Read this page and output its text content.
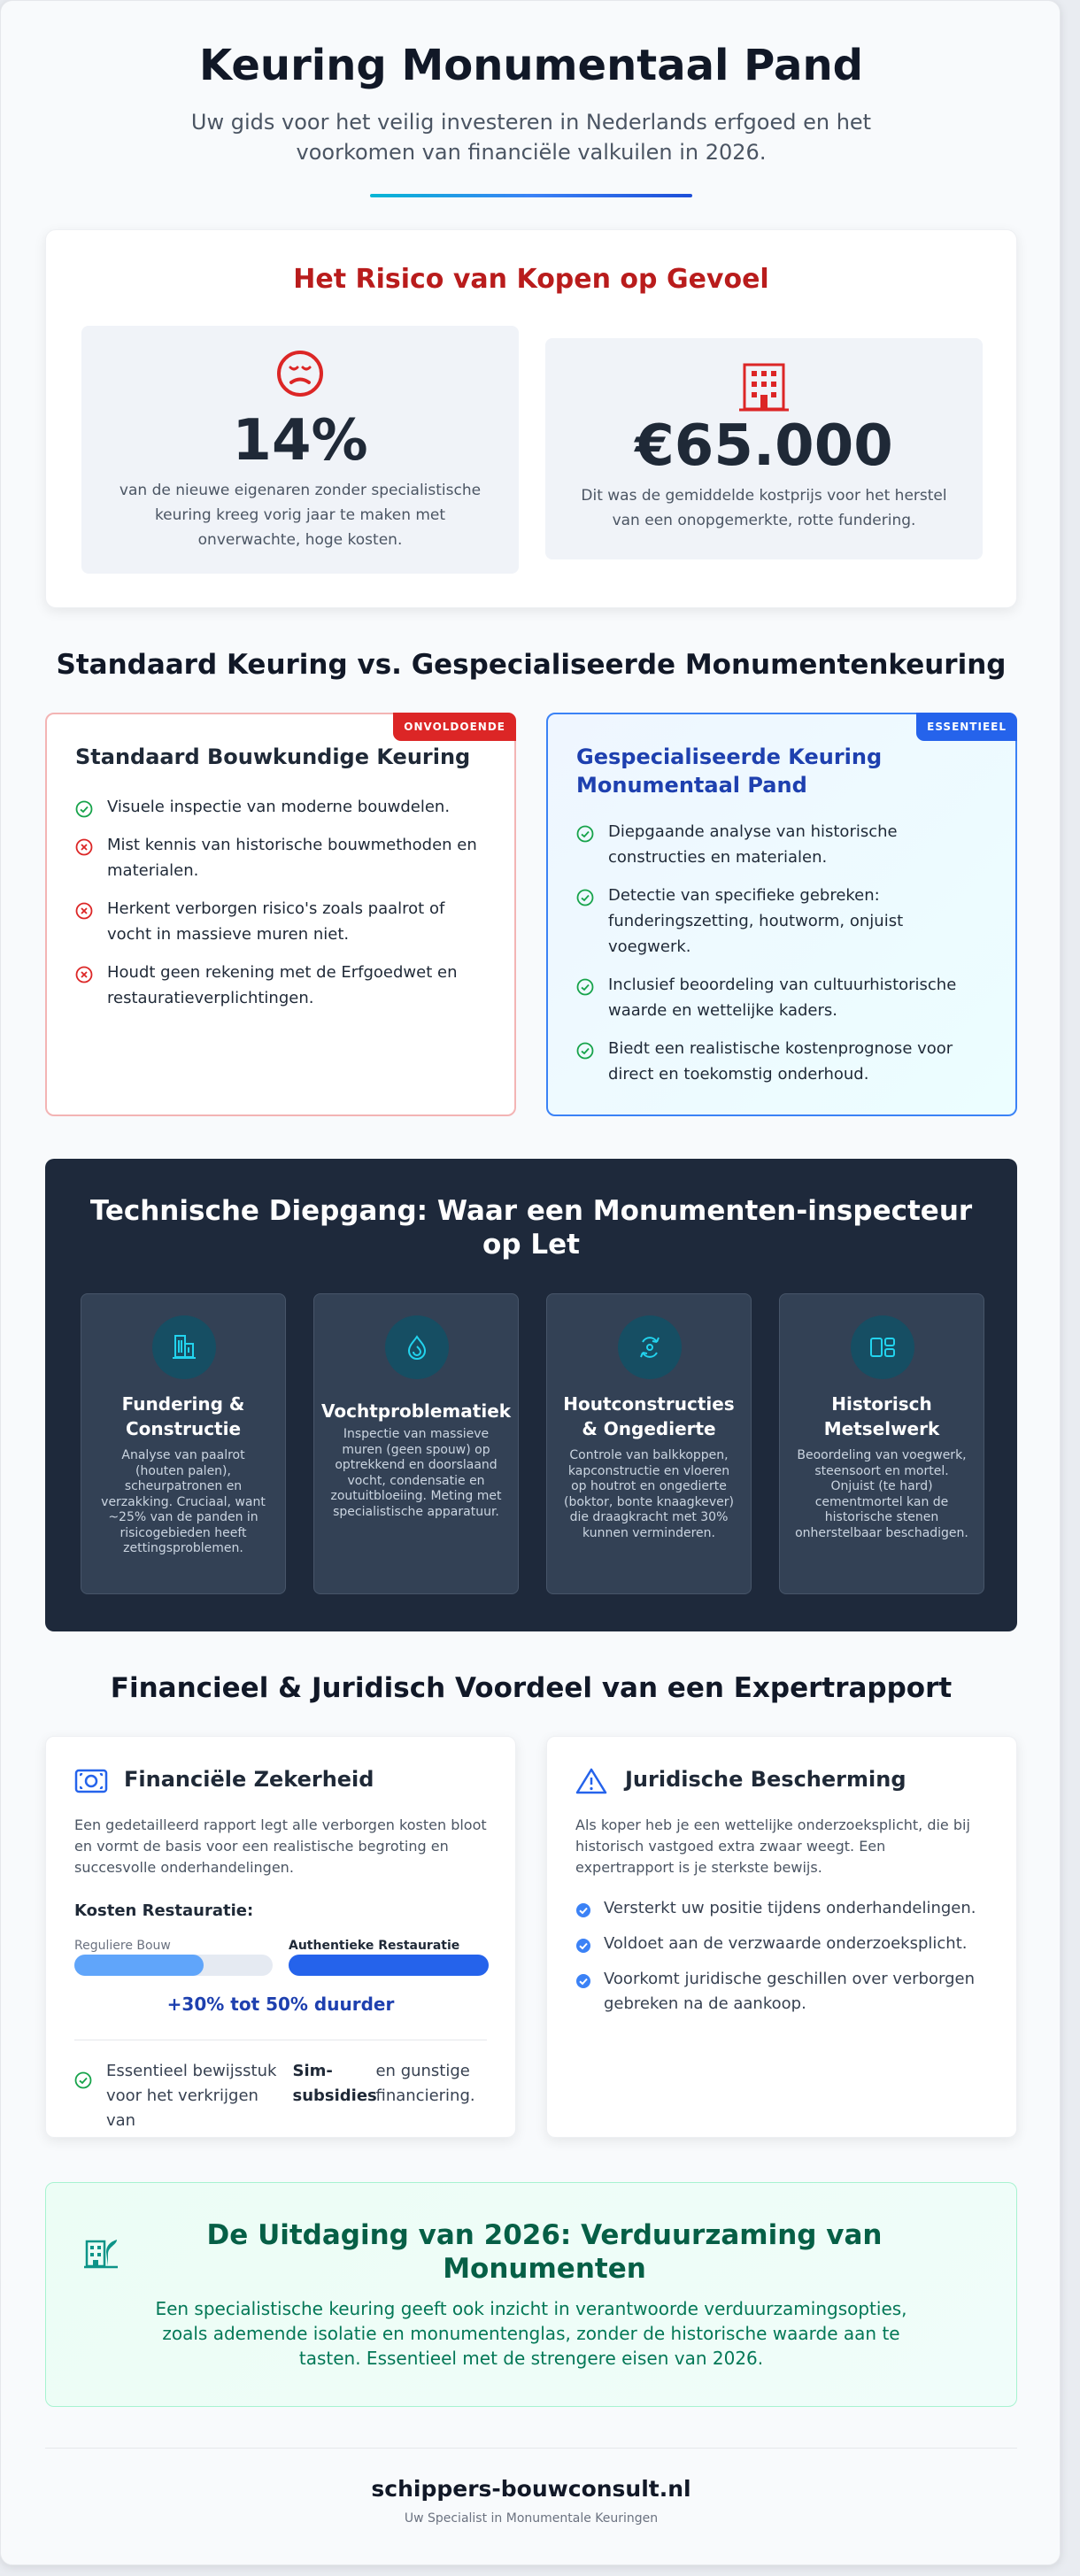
Keuring Monumentaal Pand
Uw gids voor het veilig investeren in Nederlands erfgoed en het voorkomen van financiële valkuilen in 2026.
Het Risico van Kopen op Gevoel
14%
van de nieuwe eigenaren zonder specialistische keuring kreeg vorig jaar te maken met onverwachte, hoge kosten.
€65.000
Dit was de gemiddelde kostprijs voor het herstel van een onopgemerkte, rotte fundering.
Standaard Keuring vs. Gespecialiseerde Monumentenkeuring
ONVOLDOENDE
Standaard Bouwkundige Keuring
Visuele inspectie van moderne bouwdelen.
Mist kennis van historische bouwmethoden en materialen.
Herkent verborgen risico's zoals paalrot of vocht in massieve muren niet.
Houdt geen rekening met de Erfgoedwet en restauratieverplichtingen.
ESSENTIEEL
Gespecialiseerde Keuring Monumentaal Pand
Diepgaande analyse van historische constructies en materialen.
Detectie van specifieke gebreken: funderingszetting, houtworm, onjuist voegwerk.
Inclusief beoordeling van cultuurhistorische waarde en wettelijke kaders.
Biedt een realistische kostenprognose voor direct en toekomstig onderhoud.
Technische Diepgang: Waar een Monumenten-inspecteur op Let
Fundering & Constructie
Analyse van paalrot (houten palen), scheurpatronen en verzakking. Cruciaal, want ~25% van de panden in risicogebieden heeft zettingsproblemen.
Vochtproblematiek
Inspectie van massieve muren (geen spouw) op optrekkend en doorslaand vocht, condensatie en zoutuitbloeiing. Meting met specialistische apparatuur.
Houtconstructies & Ongedierte
Controle van balkkoppen, kapconstructie en vloeren op houtrot en ongedierte (boktor, bonte knaagkever) die draagkracht met 30% kunnen verminderen.
Historisch Metselwerk
Beoordeling van voegwerk, steensoort en mortel. Onjuist (te hard) cementmortel kan de historische stenen onherstelbaar beschadigen.
Financieel & Juridisch Voordeel van een Expertrapport
Financiële Zekerheid
Een gedetailleerd rapport legt alle verborgen kosten bloot en vormt de basis voor een realistische begroting en succesvolle onderhandelingen.
Kosten Restauratie:
Reguliere Bouw	Authentieke Restauratie
+30% tot 50% duurder
Essentieel bewijsstuk voor het verkrijgen van
Sim-subsidies
en gunstige financiering.
Juridische Bescherming
Als koper heb je een wettelijke onderzoeksplicht, die bij historisch vastgoed extra zwaar weegt. Een expertrapport is je sterkste bewijs.
Versterkt uw positie tijdens onderhandelingen.
Voldoet aan de verzwaarde onderzoeksplicht.
Voorkomt juridische geschillen over verborgen gebreken na de aankoop.
De Uitdaging van 2026: Verduurzaming van Monumenten
Een specialistische keuring geeft ook inzicht in verantwoorde verduurzamingsopties, zoals ademende isolatie en monumentenglas, zonder de historische waarde aan te tasten. Essentieel met de strengere eisen van 2026.
schippers-bouwconsult.nl
Uw Specialist in Monumentale Keuringen
